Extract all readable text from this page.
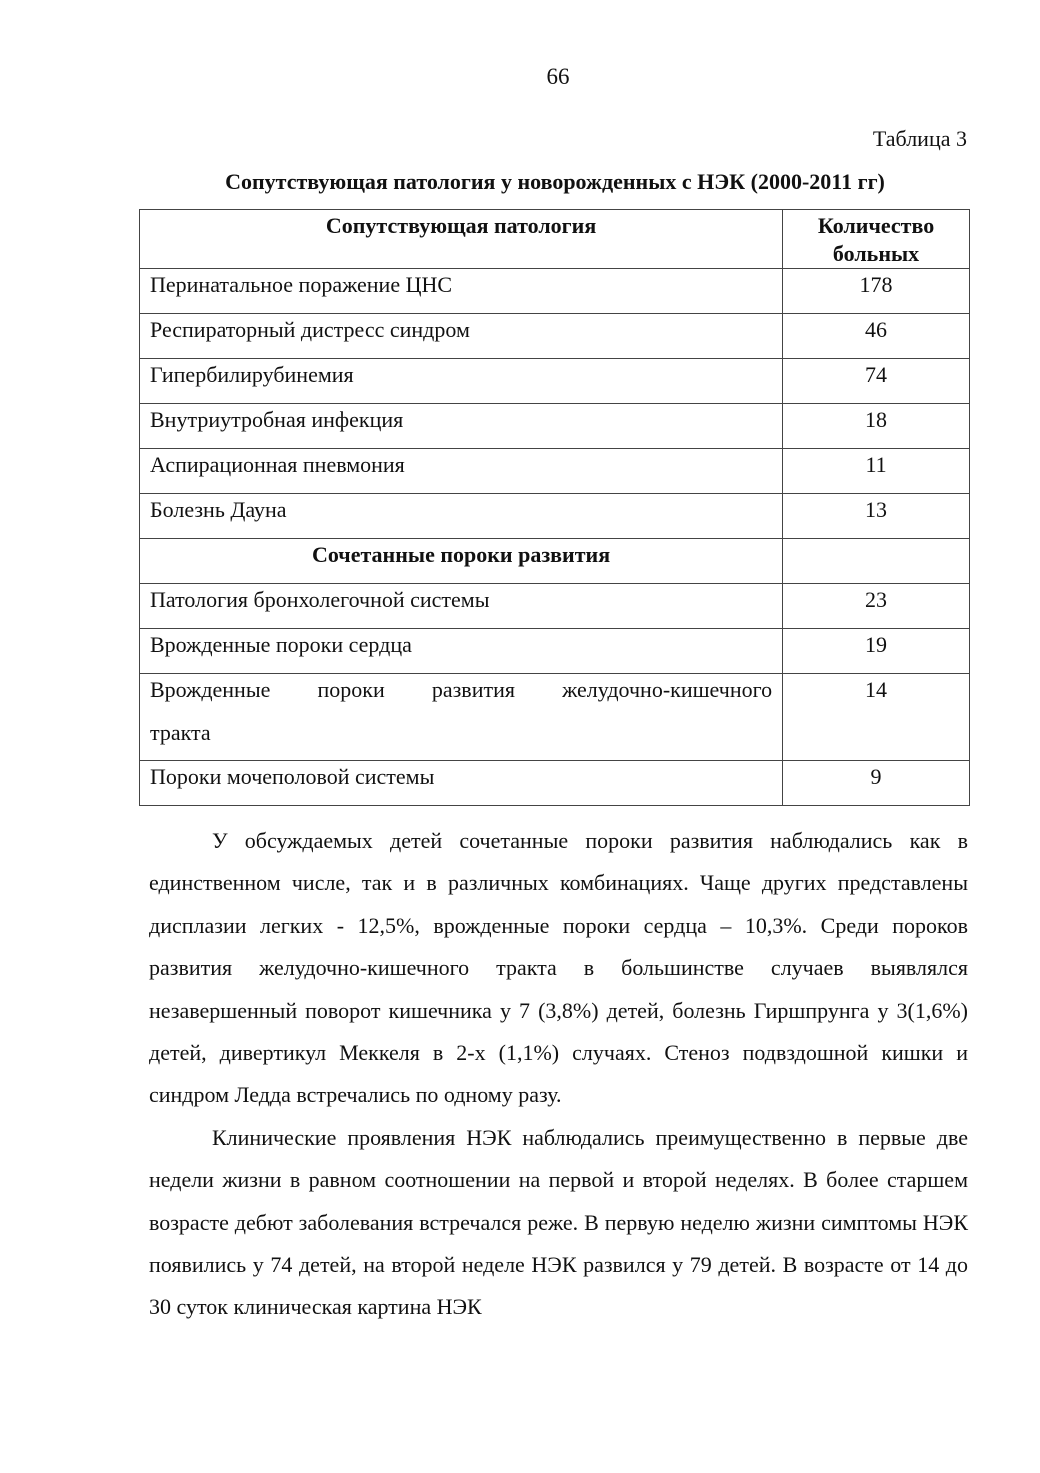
66
Таблица 3
Сопутствующая патология у новорожденных с НЭК (2000-2011 гг)
Сопутствующая патология	Количество больных
Перинатальное поражение ЦНС	178
Респираторный дистресс синдром	46
Гипербилирубинемия	74
Внутриутробная инфекция	18
Аспирационная пневмония	11
Болезнь Дауна	13
Сочетанные пороки развития	
Патология бронхолегочной системы	23
Врожденные пороки сердца	19

Врожденные пороки развития желудочно-кишечного
тракта	14
Пороки мочеполовой системы	9

У обсуждаемых детей сочетанные пороки развития наблюдались как в единственном числе, так и в различных комбинациях. Чаще других представлены дисплазии легких - 12,5%, врожденные пороки сердца – 10,3%. Среди пороков развития желудочно-кишечного тракта в большинстве случаев выявлялся незавершенный поворот кишечника у 7 (3,8%) детей, болезнь Гиршпрунга у 3(1,6%) детей, дивертикул Меккеля в 2-х (1,1%) случаях. Стеноз подвздошной кишки и синдром Ледда встречались по одному разу.

Клинические проявления НЭК наблюдались преимущественно в первые две недели жизни в равном соотношении на первой и второй неделях. В более старшем возрасте дебют заболевания встречался реже. В первую неделю жизни симптомы НЭК появились у 74 детей, на второй неделе НЭК развился у 79 детей. В возрасте от 14 до 30 суток клиническая картина НЭК
